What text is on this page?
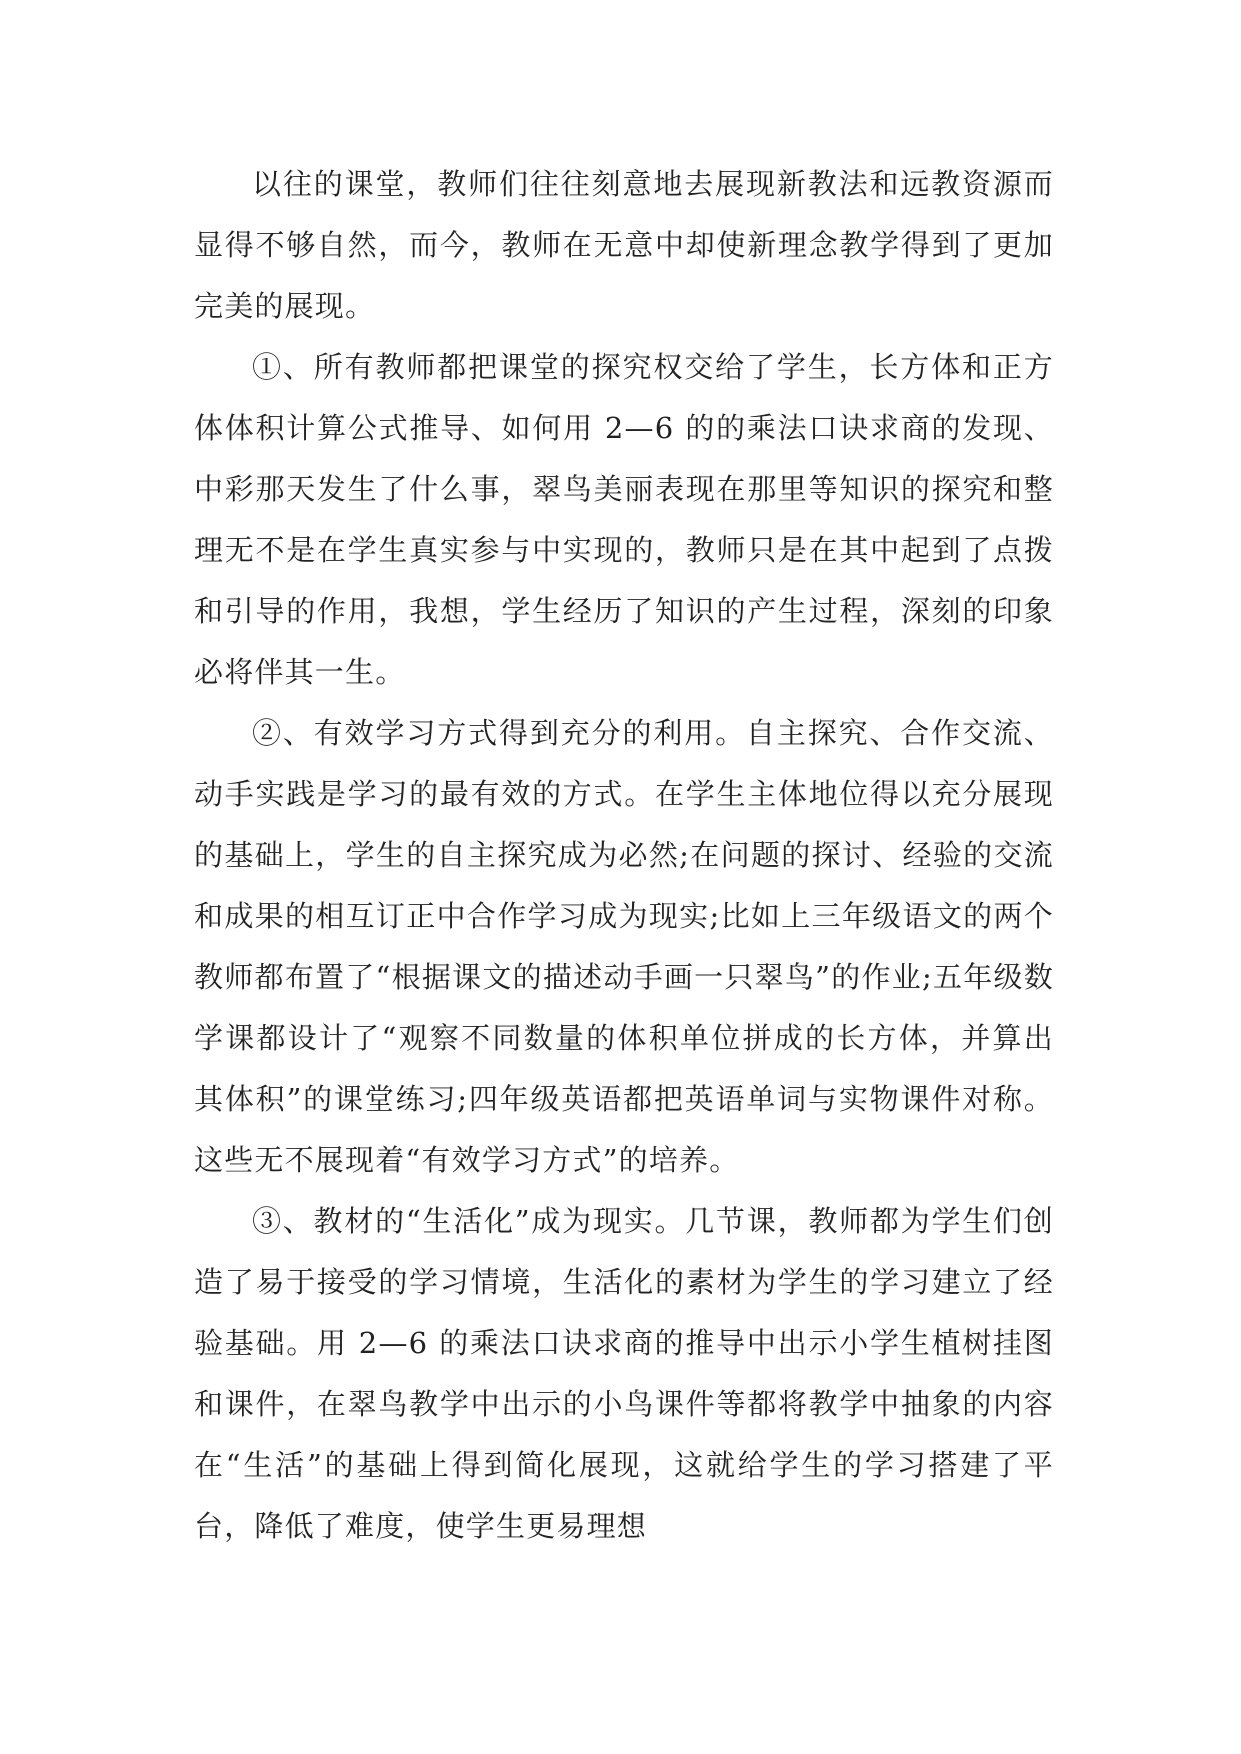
以往的课堂，教师们往往刻意地去展现新教法和远教资源而显得不够自然，而今，教师在无意中却使新理念教学得到了更加完美的展现。

①、所有教师都把课堂的探究权交给了学生，长方体和正方体体积计算公式推导、如何用 2—6 的的乘法口诀求商的发现、中彩那天发生了什么事，翠鸟美丽表现在那里等知识的探究和整理无不是在学生真实参与中实现的，教师只是在其中起到了点拨和引导的作用，我想，学生经历了知识的产生过程，深刻的印象必将伴其一生。

②、有效学习方式得到充分的利用。自主探究、合作交流、动手实践是学习的最有效的方式。在学生主体地位得以充分展现的基础上，学生的自主探究成为必然;在问题的探讨、经验的交流和成果的相互订正中合作学习成为现实;比如上三年级语文的两个教师都布置了“根据课文的描述动手画一只翠鸟”的作业;五年级数学课都设计了“观察不同数量的体积单位拼成的长方体，并算出其体积”的课堂练习;四年级英语都把英语单词与实物课件对称。这些无不展现着“有效学习方式”的培养。

③、教材的“生活化”成为现实。几节课，教师都为学生们创造了易于接受的学习情境，生活化的素材为学生的学习建立了经验基础。用 2—6 的乘法口诀求商的推导中出示小学生植树挂图和课件，在翠鸟教学中出示的小鸟课件等都将教学中抽象的内容在“生活”的基础上得到简化展现，这就给学生的学习搭建了平台，降低了难度，使学生更易理想
